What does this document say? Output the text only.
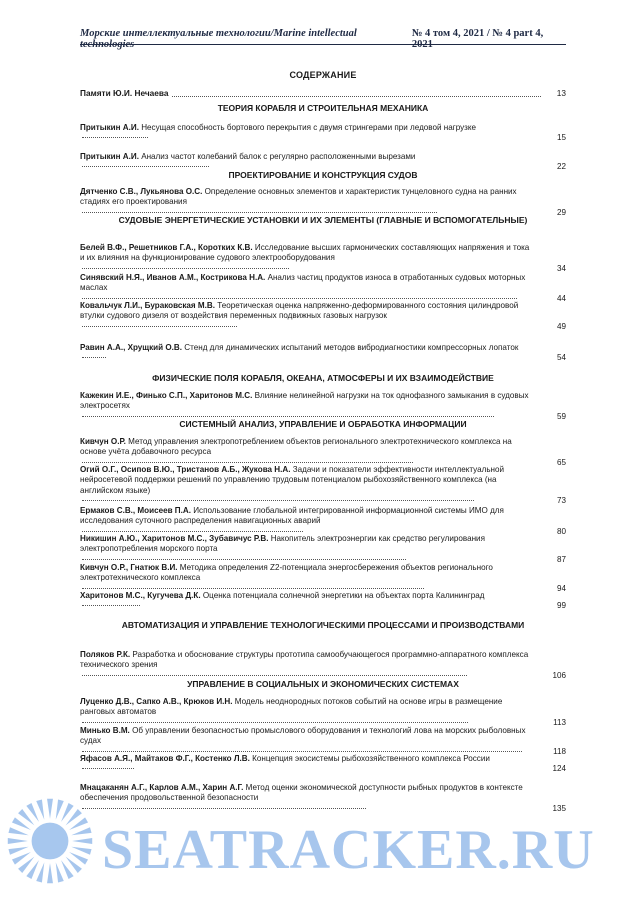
Морские интеллектуальные технологии/Marine intellectual technologies
№ 4 том 4, 2021 / № 4 part 4, 2021
СОДЕРЖАНИЕ
Памяти Ю.И. Нечаева	13
ТЕОРИЯ КОРАБЛЯ И СТРОИТЕЛЬНАЯ МЕХАНИКА
Притыкин А.И. Несущая способность бортового перекрытия с двумя стрингерами при ледовой нагрузке
15
Притыкин А.И. Анализ частот колебаний балок с регулярно расположенными вырезами
22
ПРОЕКТИРОВАНИЕ И КОНСТРУКЦИЯ СУДОВ
Дятченко С.В., Лукьянова О.С. Определение основных элементов и характеристик тунцеловного судна на ранних стадиях его проектирования
29
СУДОВЫЕ ЭНЕРГЕТИЧЕСКИЕ УСТАНОВКИ И ИХ ЭЛЕМЕНТЫ (ГЛАВНЫЕ И ВСПОМОГАТЕЛЬНЫЕ)
Белей В.Ф., Решетников Г.А., Коротких К.В. Исследование высших гармонических составляющих напряжения и тока и их влияния на функционирование судового электрооборудования
34
Синявский Н.Я., Иванов А.М., Кострикова Н.А. Анализ частиц продуктов износа в отработанных судовых моторных маслах
44
Ковальчук Л.И., Бураковская М.В. Теоретическая оценка напряженно-деформированного состояния цилиндровой втулки судового дизеля от воздействия переменных подвижных газовых нагрузок
49
Равин А.А., Хрущкий О.В. Стенд для динамических испытаний методов вибродиагностики компрессорных лопаток
54
ФИЗИЧЕСКИЕ ПОЛЯ КОРАБЛЯ, ОКЕАНА, АТМОСФЕРЫ И ИХ ВЗАИМОДЕЙСТВИЕ
Кажекин И.Е., Финько С.П., Харитонов М.С. Влияние нелинейной нагрузки на ток однофазного замыкания в судовых электросетях
59
СИСТЕМНЫЙ АНАЛИЗ, УПРАВЛЕНИЕ И ОБРАБОТКА ИНФОРМАЦИИ
Кивчун О.Р. Метод управления электропотреблением объектов регионального электротехнического комплекса на основе учёта добавочного ресурса
65
Огий О.Г., Осипов В.Ю., Тристанов А.Б., Жукова Н.А. Задачи и показатели эффективности интеллектуальной нейросетевой поддержки решений по управлению трудовым потенциалом рыбохозяйственного комплекса (на английском языке)
73
Ермаков С.В., Моисеев П.А. Использование глобальной интегрированной информационной системы ИМО для исследования суточного распределения навигационных аварий
80
Никишин А.Ю., Харитонов М.С., Зубавичус Р.В. Накопитель электроэнергии как средство регулирования электропотребления морского порта
87
Кивчун О.Р., Гнатюк В.И. Методика определения Z2-потенциала энергосбережения объектов регионального электротехнического комплекса
94
Харитонов М.С., Кугучева Д.К. Оценка потенциала солнечной энергетики на объектах порта Калининград
99
АВТОМАТИЗАЦИЯ И УПРАВЛЕНИЕ ТЕХНОЛОГИЧЕСКИМИ ПРОЦЕССАМИ И ПРОИЗВОДСТВАМИ
Поляков Р.К. Разработка и обоснование структуры прототипа самообучающегося программно-аппаратного комплекса технического зрения
106
УПРАВЛЕНИЕ В СОЦИАЛЬНЫХ И ЭКОНОМИЧЕСКИХ СИСТЕМАХ
Луценко Д.В., Сапко А.В., Крюков И.Н. Модель неоднородных потоков событий на основе игры в размещение ранговых автоматов
113
Минько В.М. Об управлении безопасностью промыслового оборудования и технологий лова на морских рыболовных судах
118
Яфасов А.Я., Майтаков Ф.Г., Костенко Л.В. Концепция экосистемы рыбохозяйственного комплекса России
124
Мнацаканян А.Г., Карлов А.М., Харин А.Г. Метод оценки экономической доступности рыбных продуктов в контексте обеспечения продовольственной безопасности
135
SEATRACKER.RU
